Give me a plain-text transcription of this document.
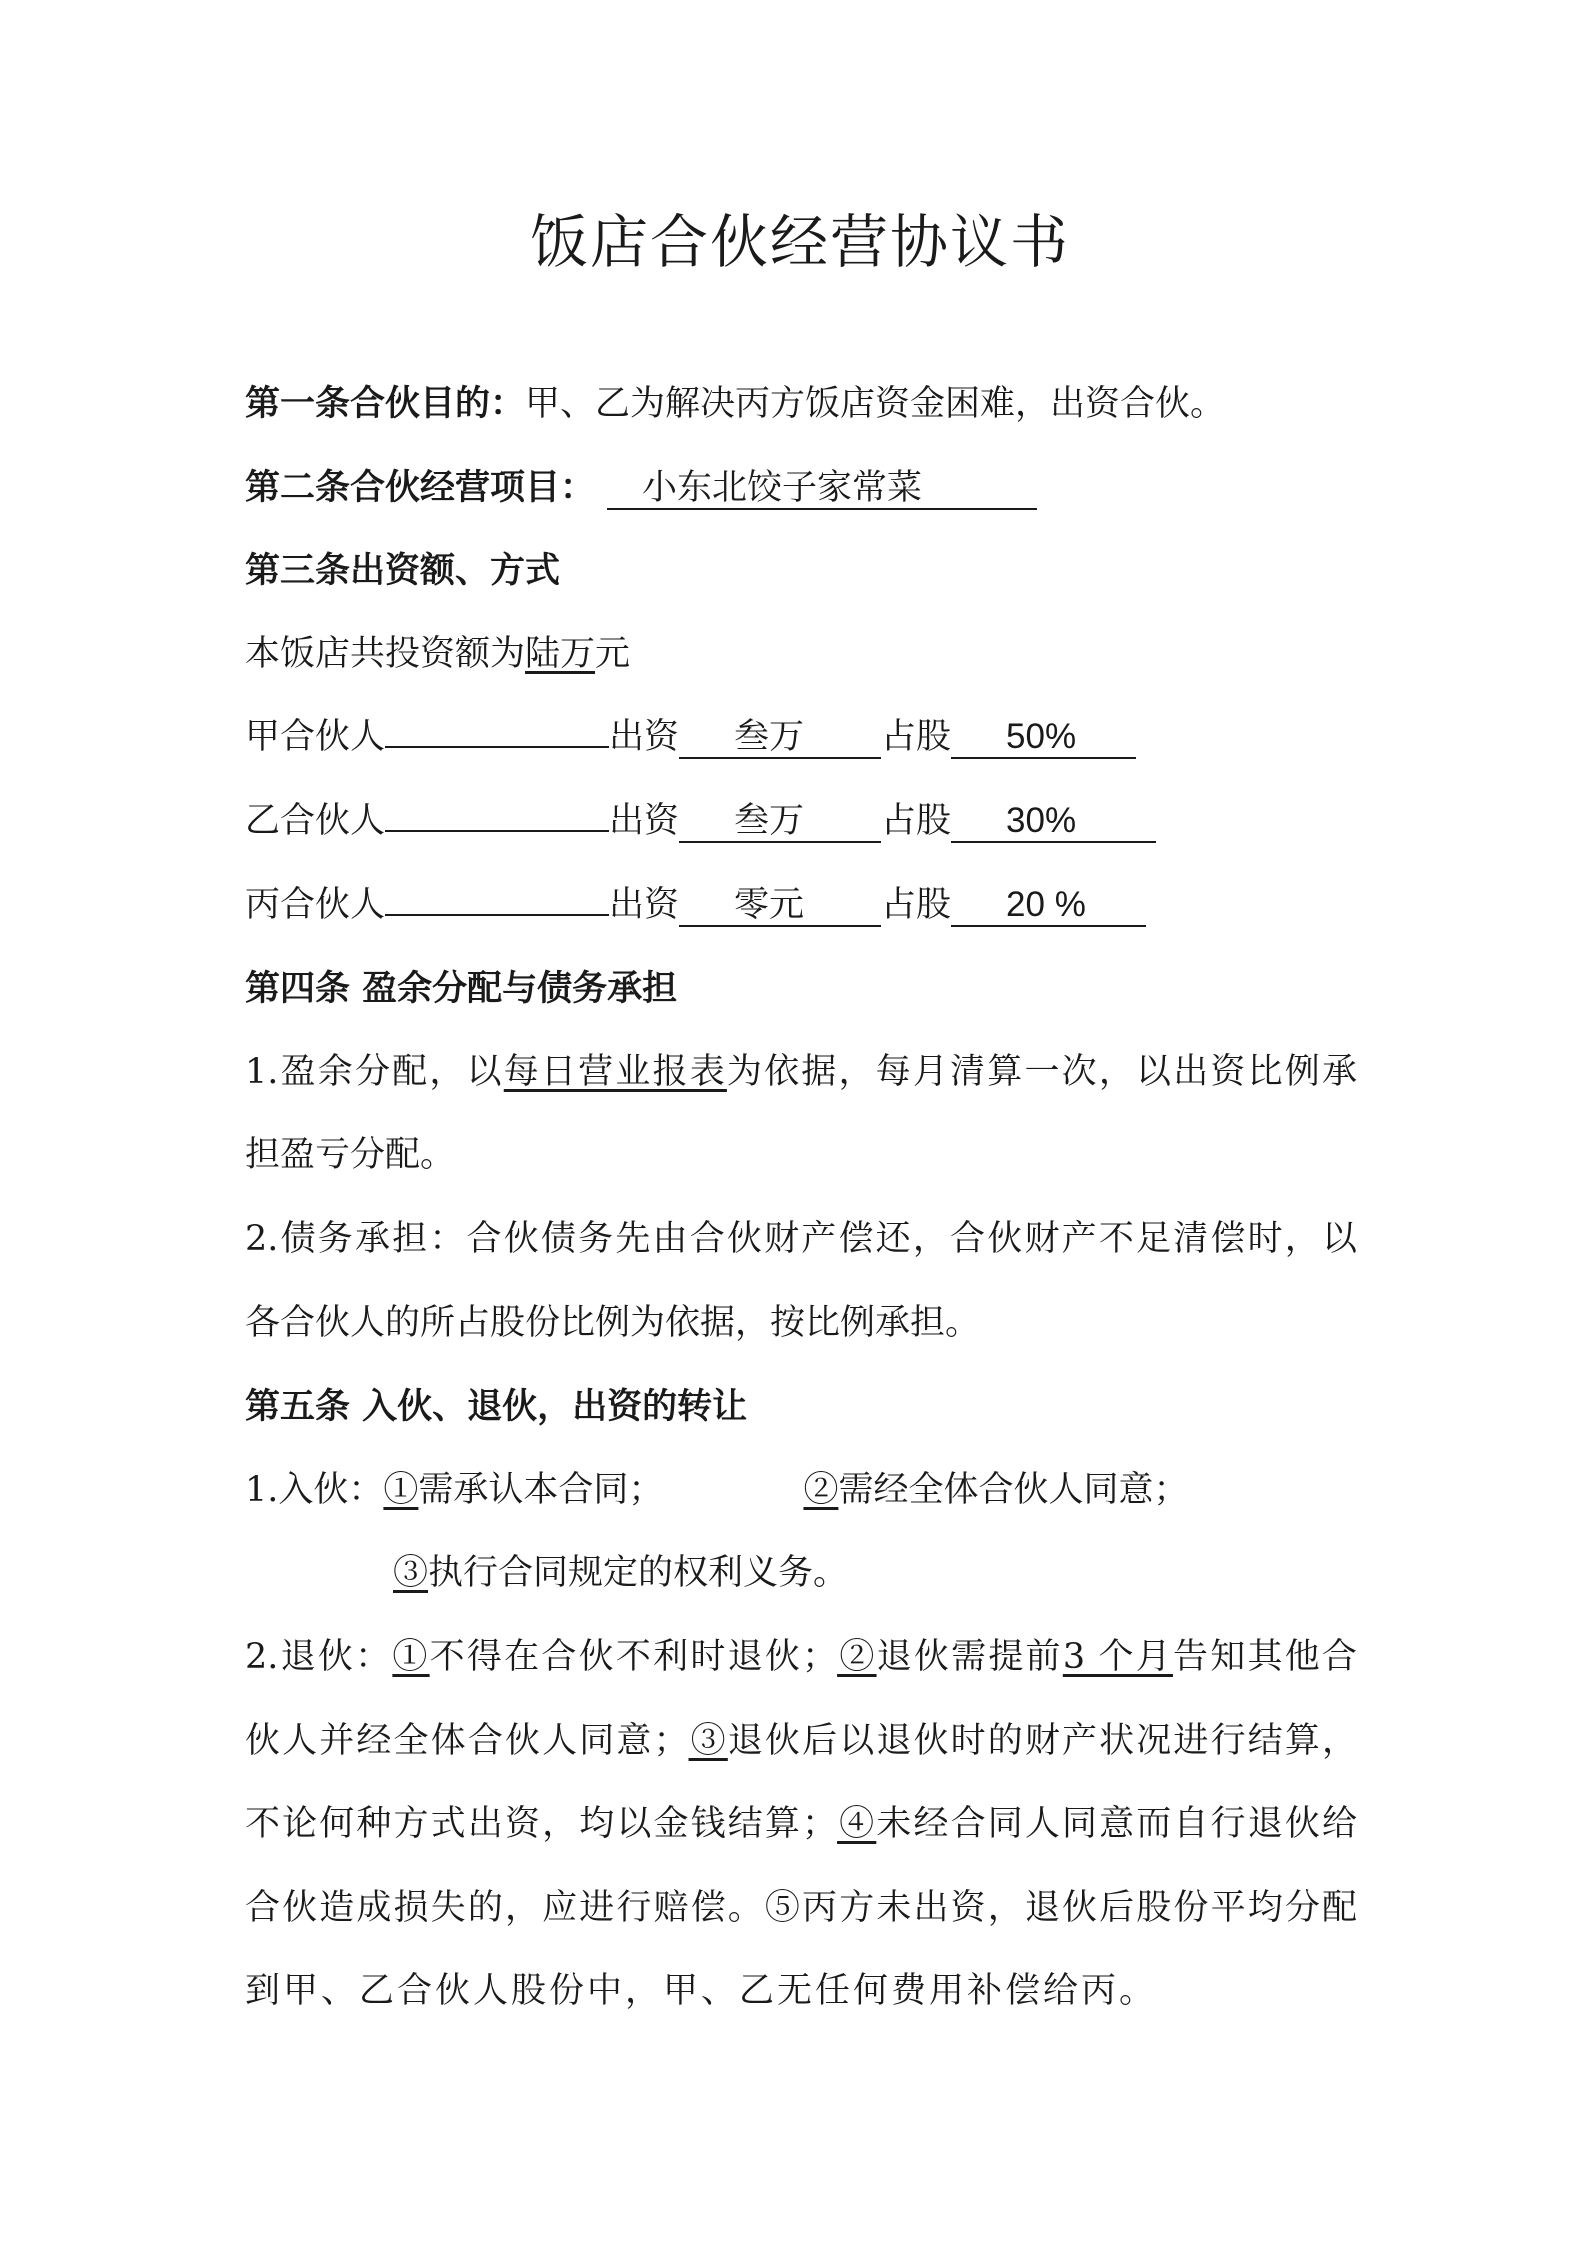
饭店合伙经营协议书
第一条合伙目的：甲、乙为解决丙方饭店资金困难，出资合伙。
第二条合伙经营项目： 小东北饺子家常菜
第三条出资额、方式
本饭店共投资额为陆万元
甲合伙人	出资 叁万 占股 50%
乙合伙人	出资 叁万 占股 30%
丙合伙人	出资 零元 占股 20 %
第四条 盈余分配与债务承担
1.盈余分配，以每日营业报表为依据，每月清算一次，以出资比例承
担盈亏分配。
2.债务承担：合伙债务先由合伙财产偿还，合伙财产不足清偿时，以
各合伙人的所占股份比例为依据，按比例承担。
第五条 入伙、退伙，出资的转让
1.入伙：①需承认本合同；	②需经全体合伙人同意；
③执行合同规定的权利义务。
2.退伙：①不得在合伙不利时退伙；②退伙需提前3 个月告知其他合
伙人并经全体合伙人同意；③退伙后以退伙时的财产状况进行结算，
不论何种方式出资，均以金钱结算；④未经合同人同意而自行退伙给
合伙造成损失的，应进行赔偿。⑤丙方未出资，退伙后股份平均分配
到甲、乙合伙人股份中，甲、乙无任何费用补偿给丙。
